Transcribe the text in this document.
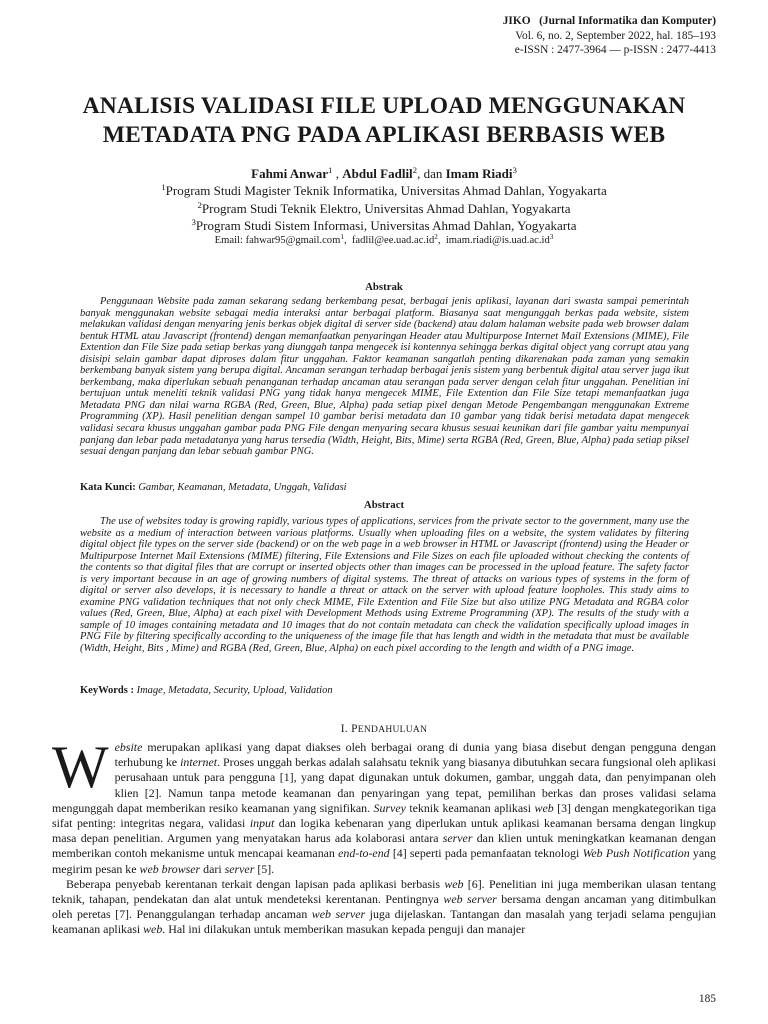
JIKO (Jurnal Informatika dan Komputer)
Vol. 6, no. 2, September 2022, hal. 185–193
e-ISSN : 2477-3964 — p-ISSN : 2477-4413
ANALISIS VALIDASI FILE UPLOAD MENGGUNAKAN
METADATA PNG PADA APLIKASI BERBASIS WEB
Fahmi Anwar$^1$ , Abdul Fadlil$^2$, dan Imam Riadi$^3$
$^1$Program Studi Magister Teknik Informatika, Universitas Ahmad Dahlan, Yogyakarta
$^2$Program Studi Teknik Elektro, Universitas Ahmad Dahlan, Yogyakarta
$^3$Program Studi Sistem Informasi, Universitas Ahmad Dahlan, Yogyakarta
Email: fahwar95@gmail.com$^1$,  $fadlil@ee.uad.ac.id^2$,  $imam.riadi@is.uad.ac.id^3$
Abstrak
Penggunaan Website pada zaman sekarang sedang berkembang pesat, berbagai jenis aplikasi, layanan dari swasta sampai pemerintah banyak menggunakan website sebagai media interaksi antar berbagai platform. Biasanya saat mengunggah berkas pada website, sistem melakukan validasi dengan menyaring jenis berkas objek digital di server side (backend) atau dalam halaman website pada web browser dalam bentuk HTML atau Javascript (frontend) dengan memanfaatkan penyaringan Header atau Multipurpose Internet Mail Extensions (MIME), File Extention dan File Size pada setiap berkas yang diunggah tanpa mengecek isi kontennya sehingga berkas digital object yang corrupt atau yang disisipi selain gambar dapat diproses dalam fitur unggahan. Faktor keamanan sangatlah penting dikarenakan pada zaman yang semakin berkembang banyak sistem yang berupa digital. Ancaman serangan terhadap berbagai jenis sistem yang berbentuk digital atau server juga ikut berkembang, maka diperlukan sebuah penanganan terhadap ancaman atau serangan pada server dengan celah fitur unggahan. Penelitian ini bertujuan untuk meneliti teknik validasi PNG yang tidak hanya mengecek MIME, File Extention dan File Size tetapi memanfaatkan juga Metadata PNG dan nilai warna RGBA (Red, Green, Blue, Alpha) pada setiap pixel dengan Metode Pengembangan menggunakan Extreme Programming (XP). Hasil penelitian dengan sampel 10 gambar berisi metadata dan 10 gambar yang tidak berisi metadata dapat mengecek validasi secara khusus unggahan gambar pada PNG File dengan menyaring secara khusus sesuai keunikan dari file gambar yaitu mempunyai panjang dan lebar pada metadatanya yang harus tersedia (Width, Height, Bits, Mime) serta RGBA (Red, Green, Blue, Alpha) pada setiap piksel sesuai dengan panjang dan lebar sebuah gambar PNG.
Kata Kunci: Gambar, Keamanan, Metadata, Unggah, Validasi
Abstract
The use of websites today is growing rapidly, various types of applications, services from the private sector to the government, many use the website as a medium of interaction between various platforms. Usually when uploading files on a website, the system validates by filtering digital object file types on the server side (backend) or on the web page in a web browser in HTML or Javascript (frontend) using the Header or Multipurpose Internet Mail Extensions (MIME) filtering, File Extensions and File Sizes on each file uploaded without checking the contents of the contents so that digital files that are corrupt or inserted objects other than images can be processed in the upload feature. The safety factor is very important because in an age of growing numbers of digital systems. The threat of attacks on various types of systems in the form of digital or server also develops, it is necessary to handle a threat or attack on the server with upload feature loopholes. This study aims to examine PNG validation techniques that not only check MIME, File Extention and File Size but also utilize PNG Metadata and RGBA color values (Red, Green, Blue, Alpha) at each pixel with Development Methods using Extreme Programming (XP). The results of the study with a sample of 10 images containing metadata and 10 images that do not contain metadata can check the validation specifically upload images in PNG File by filtering specifically according to the uniqueness of the image file that has length and width in the metadata that must be available (Width, Height, Bits , Mime) and RGBA (Red, Green, Blue, Alpha) on each pixel according to the length and width of a PNG image.
KeyWords : Image, Metadata, Security, Upload, Validation
I. PENDAHULUAN

Website merupakan aplikasi yang dapat diakses oleh berbagai orang di dunia yang biasa disebut dengan pengguna dengan terhubung ke internet. Proses unggah berkas adalah salahsatu teknik yang biasanya dibutuhkan secara fungsional oleh aplikasi perusahaan untuk para pengguna [1], yang dapat digunakan untuk dokumen, gambar, unggah data, dan penyimpanan oleh klien [2]. Namun tanpa metode keamanan dan penyaringan yang tepat, pemilihan berkas dan proses validasi selama mengunggah dapat memberikan resiko keamanan yang signifikan. Survey teknik keamanan aplikasi web [3] dengan mengkategorikan tiga sifat penting: integritas negara, validasi input dan logika kebenaran yang diperlukan untuk aplikasi keamanan bersama dengan lingkup masa depan penelitian. Argumen yang menyatakan harus ada kolaborasi antara server dan klien untuk meningkatkan keamanan dengan memberikan contoh mekanisme untuk mencapai keamanan end-to-end [4] seperti pada pemanfaatan teknologi Web Push Notification yang megirim pesan ke web browser dari server [5].

Beberapa penyebab kerentanan terkait dengan lapisan pada aplikasi berbasis web [6]. Penelitian ini juga memberikan ulasan tentang teknik, tahapan, pendekatan dan alat untuk mendeteksi kerentanan. Pentingnya web server bersama dengan ancaman yang ditimbulkan oleh peretas [7]. Penanggulangan terhadap ancaman web server juga dijelaskan. Tantangan dan masalah yang terjadi selama pengujian keamanan aplikasi web. Hal ini dilakukan untuk memberikan masukan kepada penguji dan manajer

185
